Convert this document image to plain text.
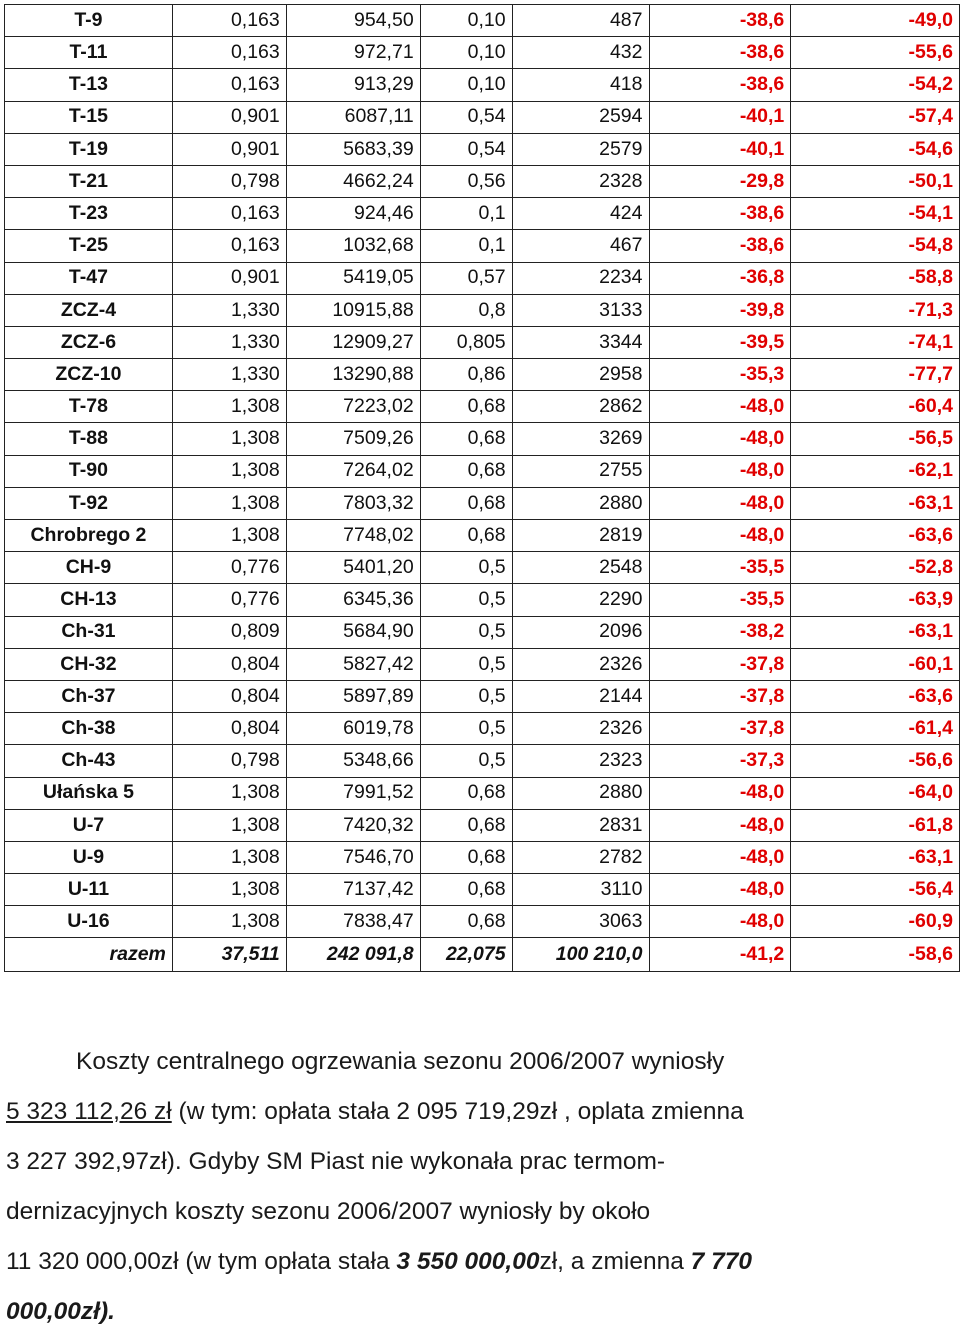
T-9	0,163	954,50	0,10	487	-38,6	-49,0
T-11	0,163	972,71	0,10	432	-38,6	-55,6
T-13	0,163	913,29	0,10	418	-38,6	-54,2
T-15	0,901	6087,11	0,54	2594	-40,1	-57,4
T-19	0,901	5683,39	0,54	2579	-40,1	-54,6
T-21	0,798	4662,24	0,56	2328	-29,8	-50,1
T-23	0,163	924,46	0,1	424	-38,6	-54,1
T-25	0,163	1032,68	0,1	467	-38,6	-54,8
T-47	0,901	5419,05	0,57	2234	-36,8	-58,8
ZCZ-4	1,330	10915,88	0,8	3133	-39,8	-71,3
ZCZ-6	1,330	12909,27	0,805	3344	-39,5	-74,1
ZCZ-10	1,330	13290,88	0,86	2958	-35,3	-77,7
T-78	1,308	7223,02	0,68	2862	-48,0	-60,4
T-88	1,308	7509,26	0,68	3269	-48,0	-56,5
T-90	1,308	7264,02	0,68	2755	-48,0	-62,1
T-92	1,308	7803,32	0,68	2880	-48,0	-63,1
Chrobrego 2	1,308	7748,02	0,68	2819	-48,0	-63,6
CH-9	0,776	5401,20	0,5	2548	-35,5	-52,8
CH-13	0,776	6345,36	0,5	2290	-35,5	-63,9
Ch-31	0,809	5684,90	0,5	2096	-38,2	-63,1
CH-32	0,804	5827,42	0,5	2326	-37,8	-60,1
Ch-37	0,804	5897,89	0,5	2144	-37,8	-63,6
Ch-38	0,804	6019,78	0,5	2326	-37,8	-61,4
Ch-43	0,798	5348,66	0,5	2323	-37,3	-56,6
Ułańska 5	1,308	7991,52	0,68	2880	-48,0	-64,0
U-7	1,308	7420,32	0,68	2831	-48,0	-61,8
U-9	1,308	7546,70	0,68	2782	-48,0	-63,1
U-11	1,308	7137,42	0,68	3110	-48,0	-56,4
U-16	1,308	7838,47	0,68	3063	-48,0	-60,9
razem	37,511	242 091,8	22,075	100 210,0	-41,2	-58,6

Koszty centralnego ogrzewania sezonu 2006/2007 wyniosły

5 323 112,26 zł (w tym: opłata stała 2 095 719,29zł , oplata zmienna

3 227 392,97zł). Gdyby SM Piast nie wykonała prac termom-

dernizacyjnych koszty sezonu 2006/2007 wyniosły by około

11 320 000,00zł (w tym opłata stała 3 550 000,00zł, a zmienna 7 770

000,00zł).
